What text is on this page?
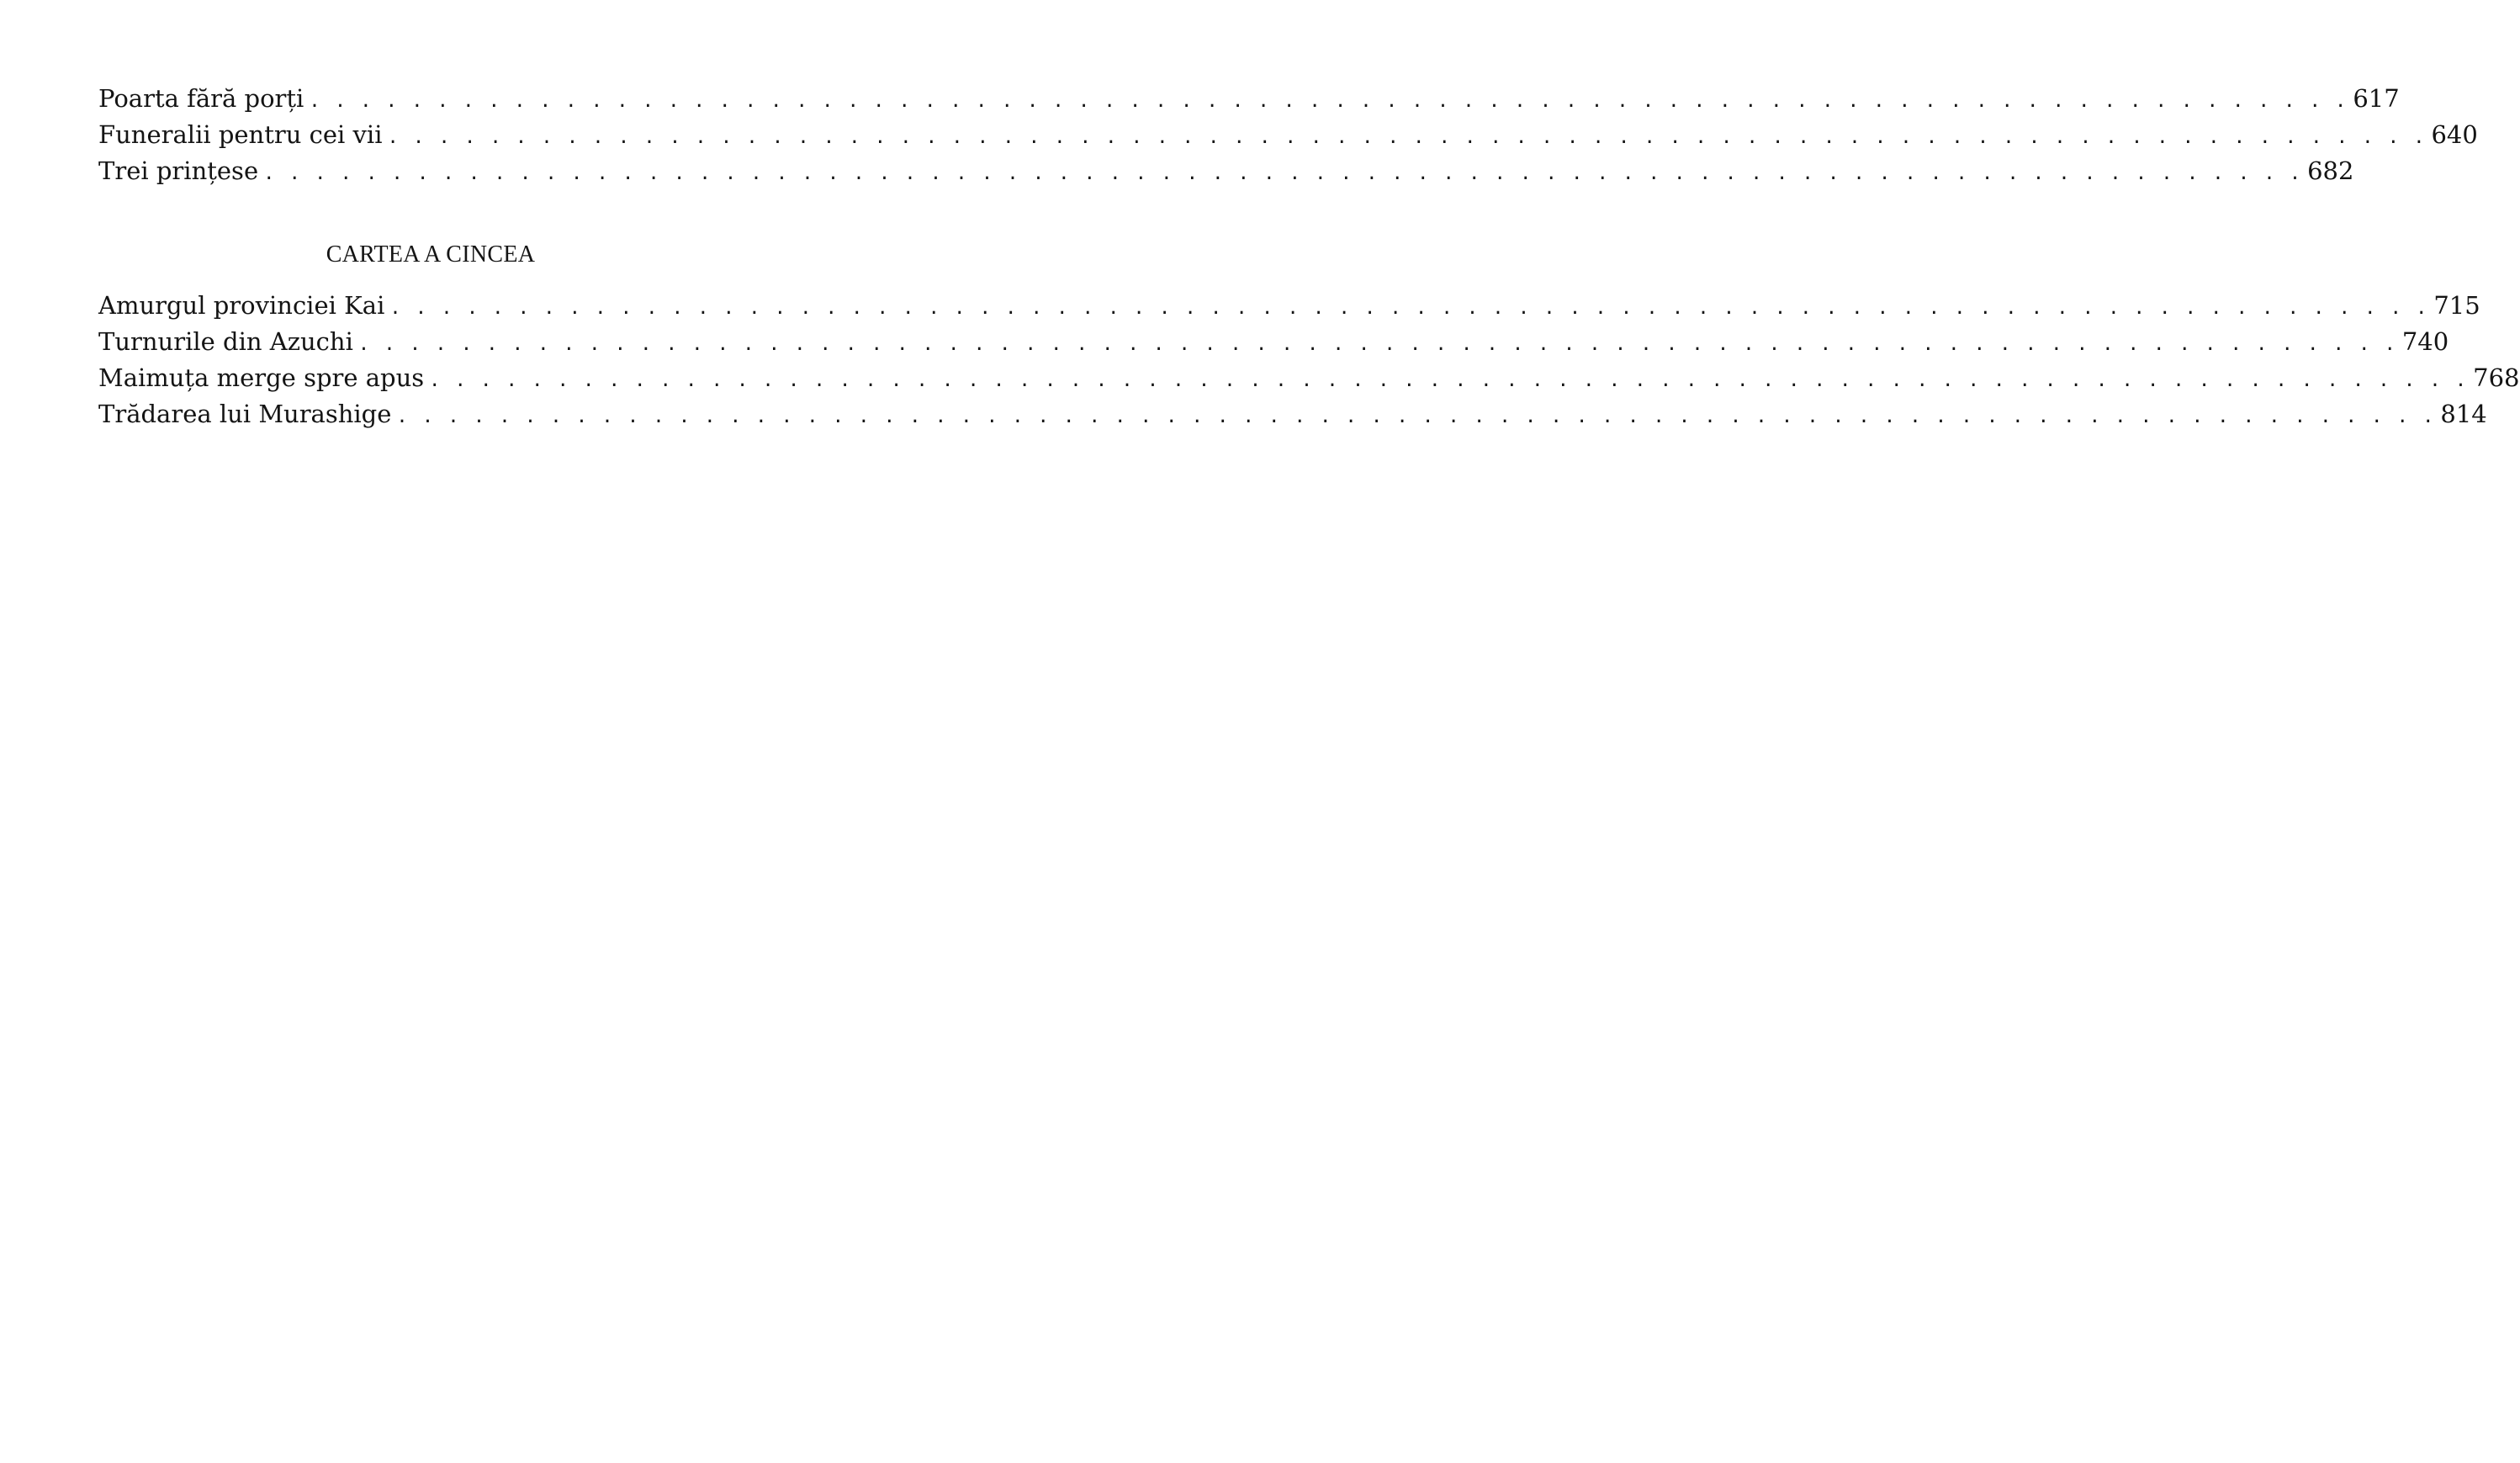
Poarta fără porți . . . . . . . . . . . . . . . . . . . . . . . . . . . . . . . . . . . . . . . . . . . . . . . . . . . . . . . . . . . . . . . . . . . . . . . . . . . . . . . . 617
Funeralii pentru cei vii . . . . . . . . . . . . . . . . . . . . . . . . . . . . . . . . . . . . . . . . . . . . . . . . . . . . . . . . . . . . . . . . . . . . . . . . . . . . . . . . 640
Trei prințese . . . . . . . . . . . . . . . . . . . . . . . . . . . . . . . . . . . . . . . . . . . . . . . . . . . . . . . . . . . . . . . . . . . . . . . . . . . . . . . . 682
CARTEA A CINCEA
Amurgul provinciei Kai . . . . . . . . . . . . . . . . . . . . . . . . . . . . . . . . . . . . . . . . . . . . . . . . . . . . . . . . . . . . . . . . . . . . . . . . . . . . . . . . 715
Turnurile din Azuchi . . . . . . . . . . . . . . . . . . . . . . . . . . . . . . . . . . . . . . . . . . . . . . . . . . . . . . . . . . . . . . . . . . . . . . . . . . . . . . . . 740
Maimuța merge spre apus . . . . . . . . . . . . . . . . . . . . . . . . . . . . . . . . . . . . . . . . . . . . . . . . . . . . . . . . . . . . . . . . . . . . . . . . . . . . . . . . 768
Trădarea lui Murashige . . . . . . . . . . . . . . . . . . . . . . . . . . . . . . . . . . . . . . . . . . . . . . . . . . . . . . . . . . . . . . . . . . . . . . . . . . . . . . . . 814
